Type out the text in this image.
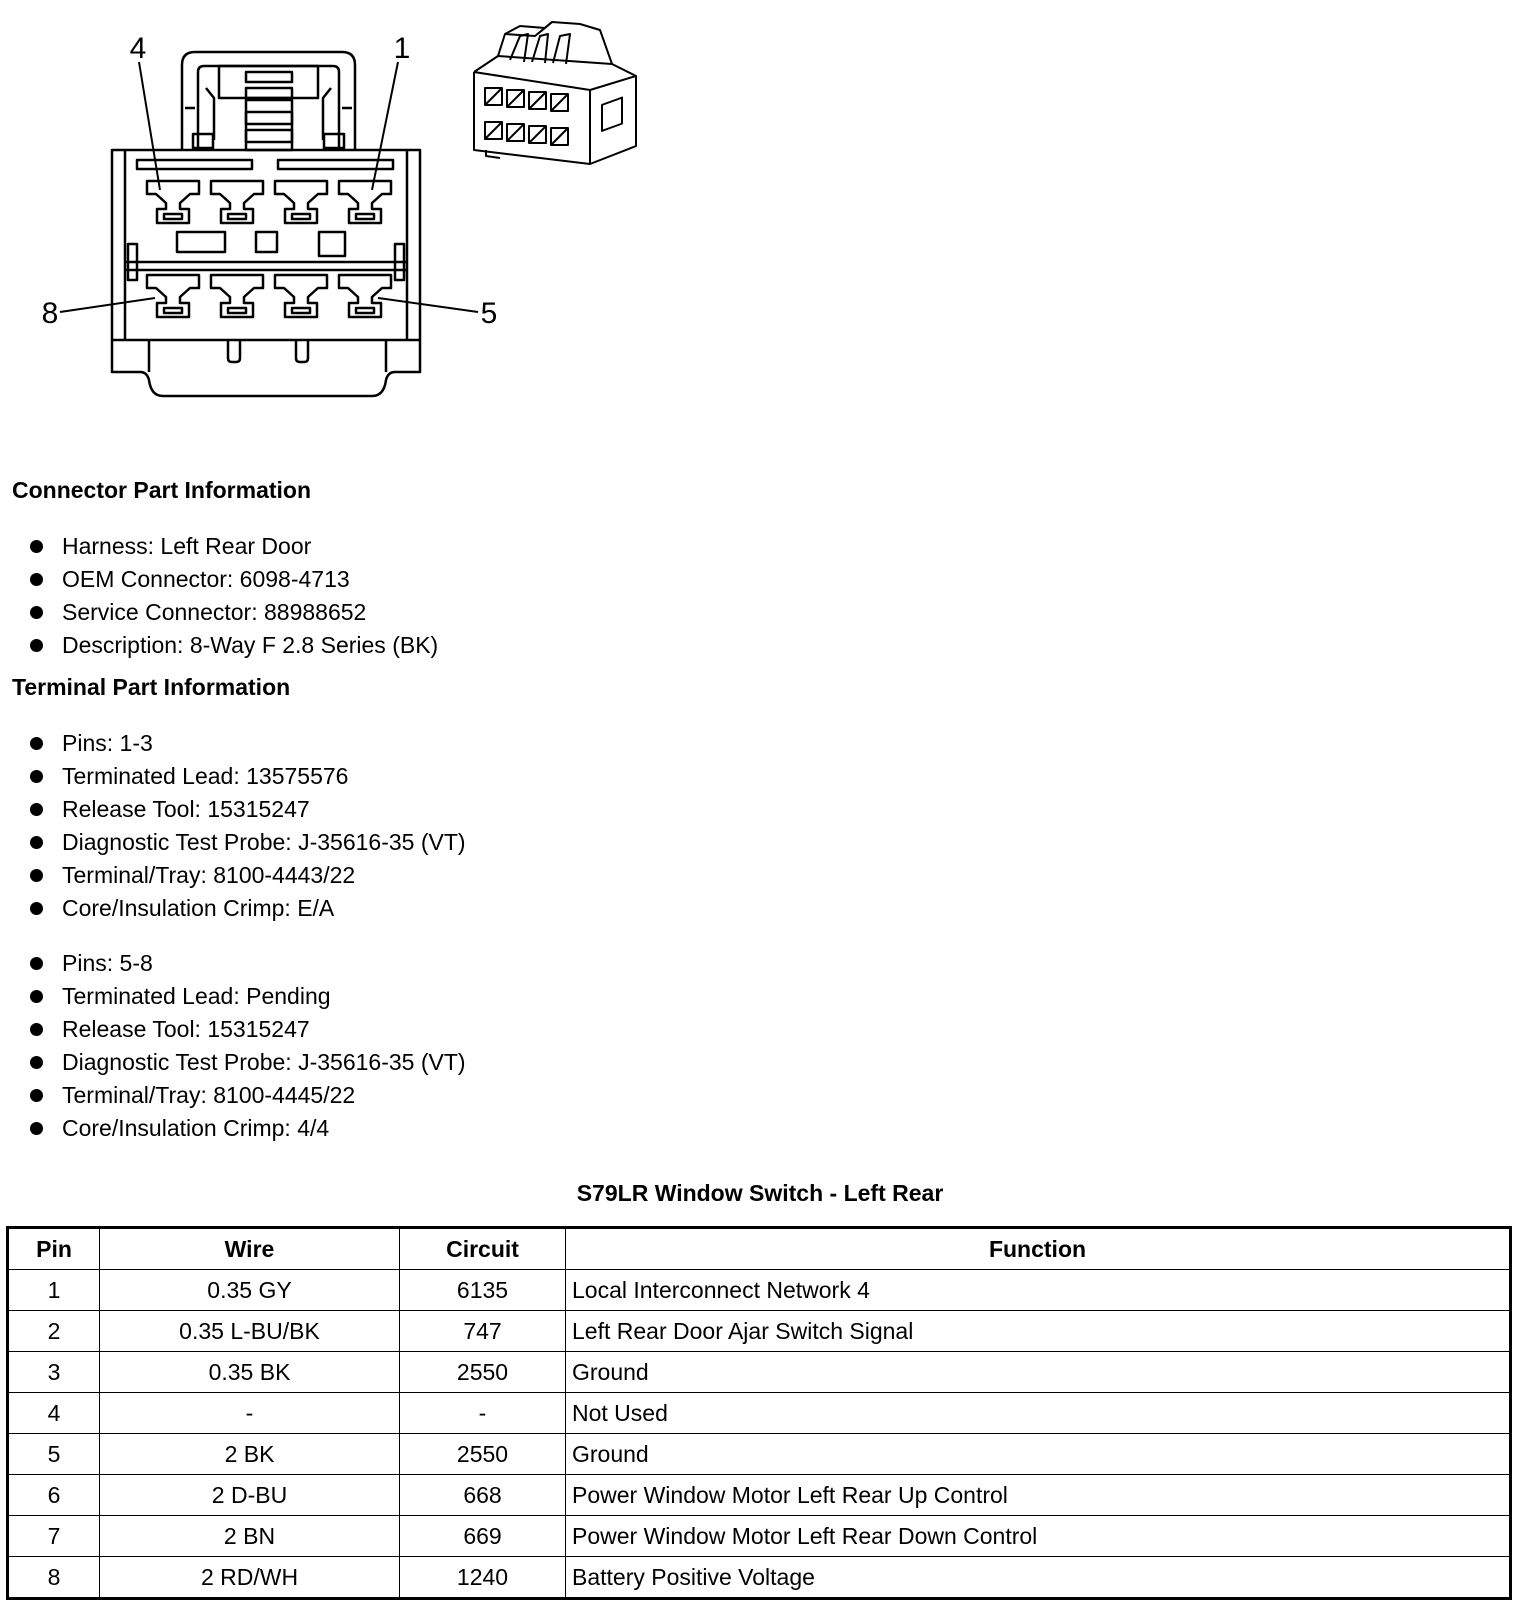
4	1
8	5
Connector Part Information
Harness: Left Rear Door
OEM Connector: 6098-4713
Service Connector: 88988652
Description: 8-Way F 2.8 Series (BK)
Terminal Part Information
Pins: 1-3
Terminated Lead: 13575576
Release Tool: 15315247
Diagnostic Test Probe: J-35616-35 (VT)
Terminal/Tray: 8100-4443/22
Core/Insulation Crimp: E/A
Pins: 5-8
Terminated Lead: Pending
Release Tool: 15315247
Diagnostic Test Probe: J-35616-35 (VT)
Terminal/Tray: 8100-4445/22
Core/Insulation Crimp: 4/4
S79LR Window Switch - Left Rear
Pin	Wire	Circuit	Function
1	0.35 GY	6135	Local Interconnect Network 4
2	0.35 L-BU/BK	747	Left Rear Door Ajar Switch Signal
3	0.35 BK	2550	Ground
4	-	-	Not Used
5	2 BK	2550	Ground
6	2 D-BU	668	Power Window Motor Left Rear Up Control
7	2 BN	669	Power Window Motor Left Rear Down Control
8	2 RD/WH	1240	Battery Positive Voltage
